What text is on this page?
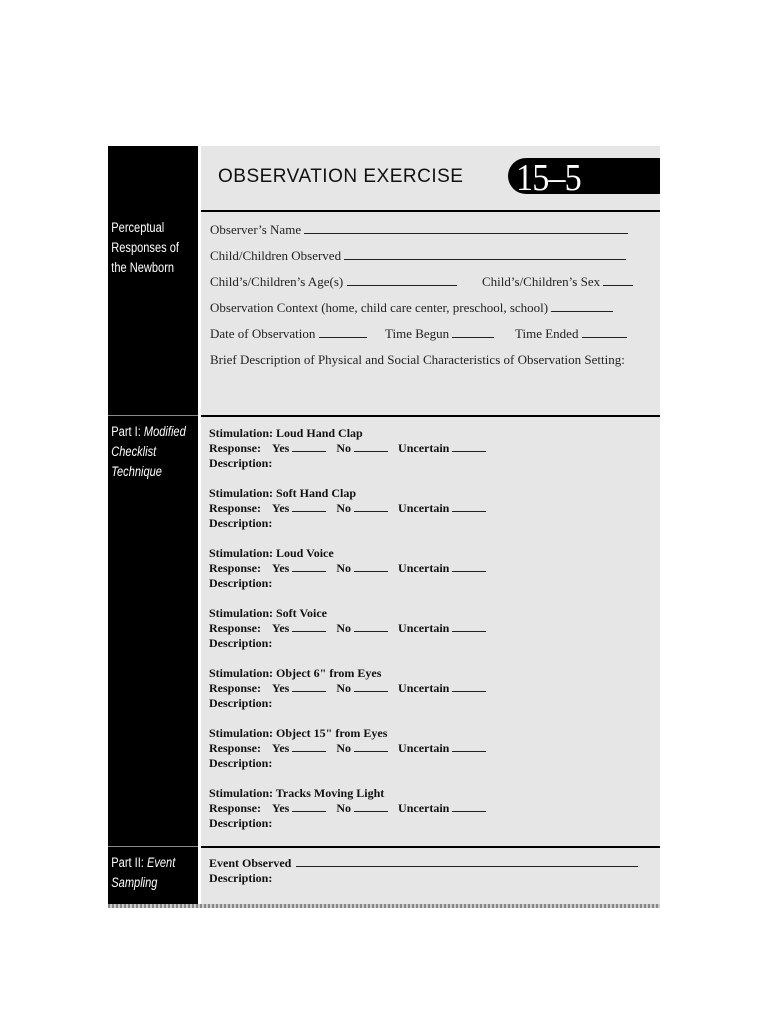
Perceptual
Responses of
the Newborn
Part I: Modified
Checklist
Technique
Part II: Event
Sampling
OBSERVATION EXERCISE 15–5
Observer’s Name
Child/Children Observed
Child’s/Children’s Age(s)	Child’s/Children’s Sex
Observation Context (home, child care center, preschool, school)
Date of Observation	Time Begun	Time Ended
Brief Description of Physical and Social Characteristics of Observation Setting:
Stimulation: Loud Hand Clap
Response: Yes	No	Uncertain
Description:
Stimulation: Soft Hand Clap
Response: Yes	No	Uncertain
Description:
Stimulation: Loud Voice
Response: Yes	No	Uncertain
Description:
Stimulation: Soft Voice
Response: Yes	No	Uncertain
Description:
Stimulation: Object 6" from Eyes
Response: Yes	No	Uncertain
Description:
Stimulation: Object 15" from Eyes
Response: Yes	No	Uncertain
Description:
Stimulation: Tracks Moving Light
Response: Yes	No	Uncertain
Description:
Event Observed
Description:
